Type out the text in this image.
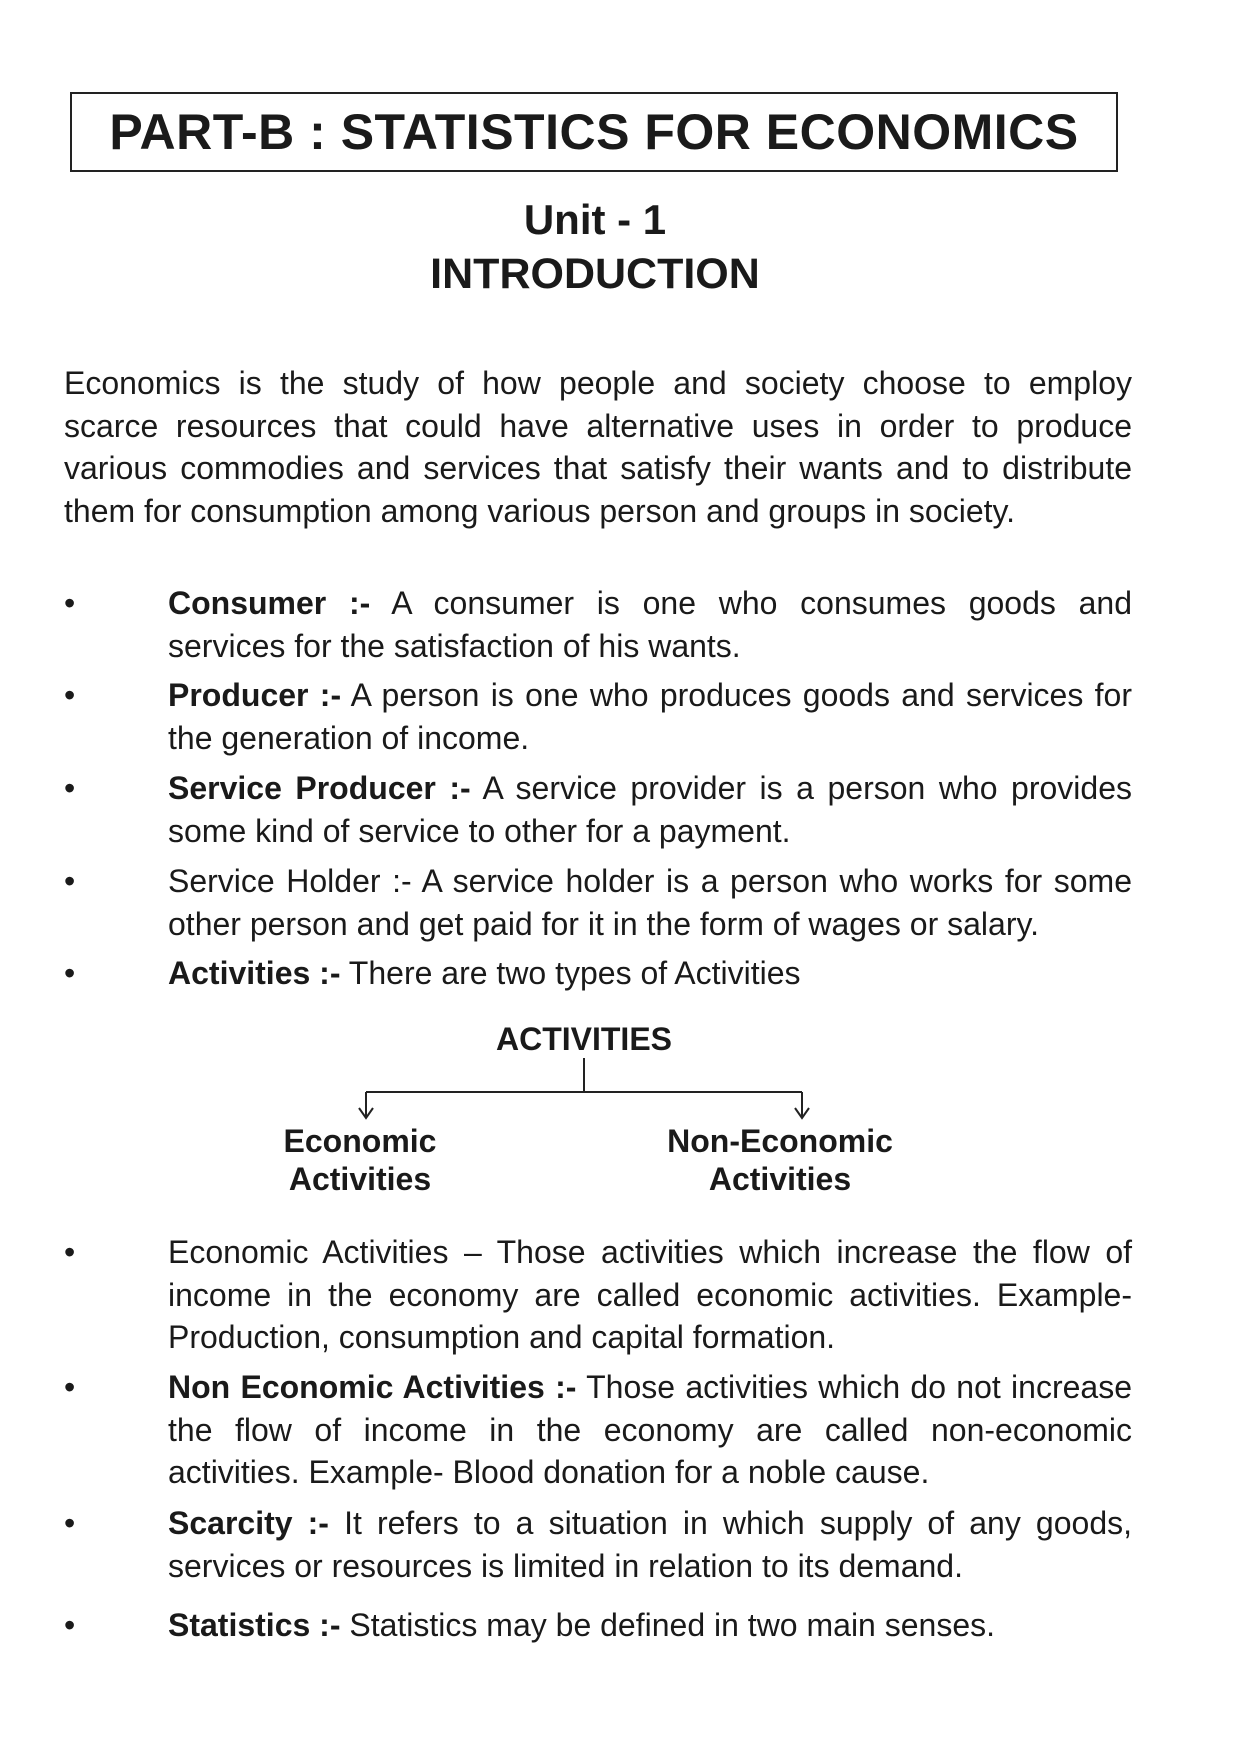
PART-B : STATISTICS FOR ECONOMICS
Unit - 1
INTRODUCTION

Economics is the study of how people and society choose to employ scarce resources that could have alternative uses in order to produce various commodies and services that satisfy their wants and to distribute them for consumption among various person and groups in society.

•	Consumer :- A consumer is one who consumes goods and services for the satisfaction of his wants.
•	Producer :- A person is one who produces goods and services for the generation of income.
•	Service Producer :- A service provider is a person who provides some kind of service to other for a payment.
•	Service Holder :- A service holder is a person who works for some other person and get paid for it in the form of wages or salary.
•	Activities :- There are two types of Activities
ACTIVITIES
Economic
Activities
Non-Economic
Activities
•	Economic Activities – Those activities which increase the flow of income in the economy are called economic activities. Example- Production, consumption and capital formation.
•	Non Economic Activities :- Those activities which do not increase the flow of income in the economy are called non-economic activities. Example- Blood donation for a noble cause.
•	Scarcity :- It refers to a situation in which supply of any goods, services or resources is limited in relation to its demand.
•	Statistics :- Statistics may be defined in two main senses.
